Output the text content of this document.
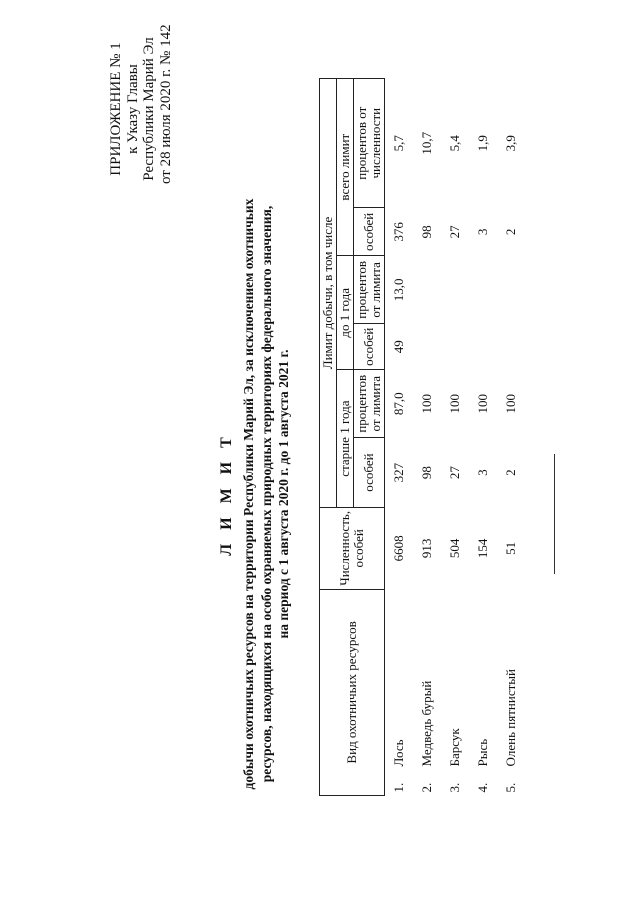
ПРИЛОЖЕНИЕ № 1 к Указу Главы Республики Марий Эл от 28 июля 2020 г. № 142
Л И М И Т добычи охотничьих ресурсов на территории Республики Марий Эл, за исключением охотничьих ресурсов, находящихся на особо охраняемых природных территориях федерального значения, на период с 1 августа 2020 г. до 1 августа 2021 г.
Вид охотничьих ресурсов	Численность, особей	Лимит добычи, в том числе					
		старше 1 года		до 1 года		всего лимит	
		особей	процентов от лимита	особей	процентов от лимита	особей	процентов от численности
1.Лось	6608	327	87,0	49	13,0	376	5,7
2.Медведь бурый	913	98	100			98	10,7
3.Барсук	504	27	100			27	5,4
4.Рысь	154	3	100			3	1,9
5.Олень пятнистый	51	2	100			2	3,9
